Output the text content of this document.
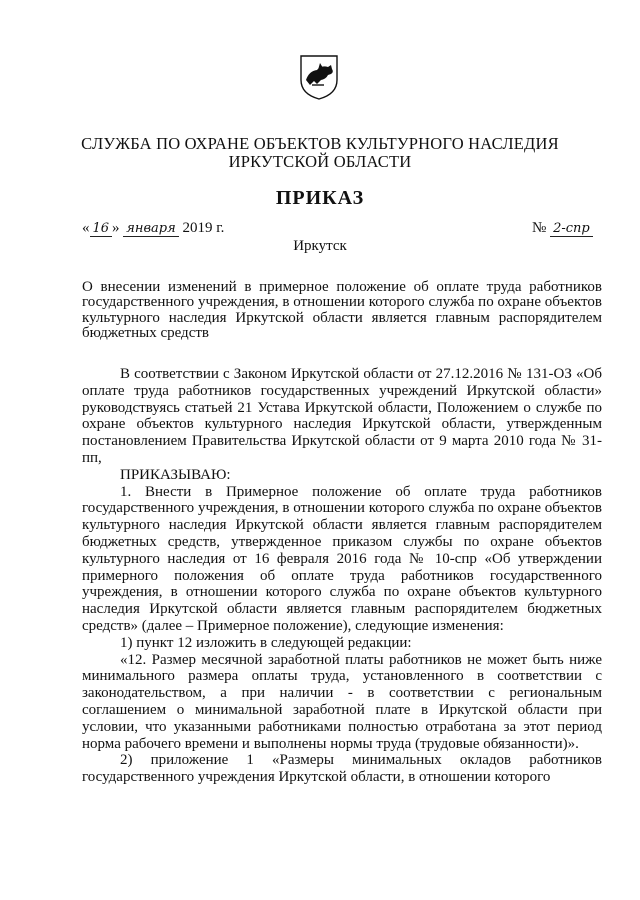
СЛУЖБА ПО ОХРАНЕ ОБЪЕКТОВ КУЛЬТУРНОГО НАСЛЕДИЯ
ИРКУТСКОЙ ОБЛАСТИ
ПРИКАЗ
« 16 » января 2019 г.	№ 2-спр
Иркутск
О внесении изменений в примерное положение об оплате труда работников государственного учреждения, в отношении которого служба по охране объектов культурного наследия Иркутской области является главным распорядителем бюджетных средств

В соответствии с Законом Иркутской области от 27.12.2016 № 131-ОЗ «Об оплате труда работников государственных учреждений Иркутской области» руководствуясь статьей 21 Устава Иркутской области, Положением о службе по охране объектов культурного наследия Иркутской области, утвержденным постановлением Правительства Иркутской области от 9 марта 2010 года № 31-пп,

ПРИКАЗЫВАЮ:

1. Внести в Примерное положение об оплате труда работников государственного учреждения, в отношении которого служба по охране объектов культурного наследия Иркутской области является главным распорядителем бюджетных средств, утвержденное приказом службы по охране объектов культурного наследия от 16 февраля 2016 года № 10-спр «Об утверждении примерного положения об оплате труда работников государственного учреждения, в отношении которого служба по охране объектов культурного наследия Иркутской области является главным распорядителем бюджетных средств» (далее – Примерное положение), следующие изменения:

1) пункт 12 изложить в следующей редакции:

«12. Размер месячной заработной платы работников не может быть ниже минимального размера оплаты труда, установленного в соответствии с законодательством, а при наличии - в соответствии с региональным соглашением о минимальной заработной плате в Иркутской области при условии, что указанными работниками полностью отработана за этот период норма рабочего времени и выполнены нормы труда (трудовые обязанности)».

2) приложение 1 «Размеры минимальных окладов работников государственного учреждения Иркутской области, в отношении которого
